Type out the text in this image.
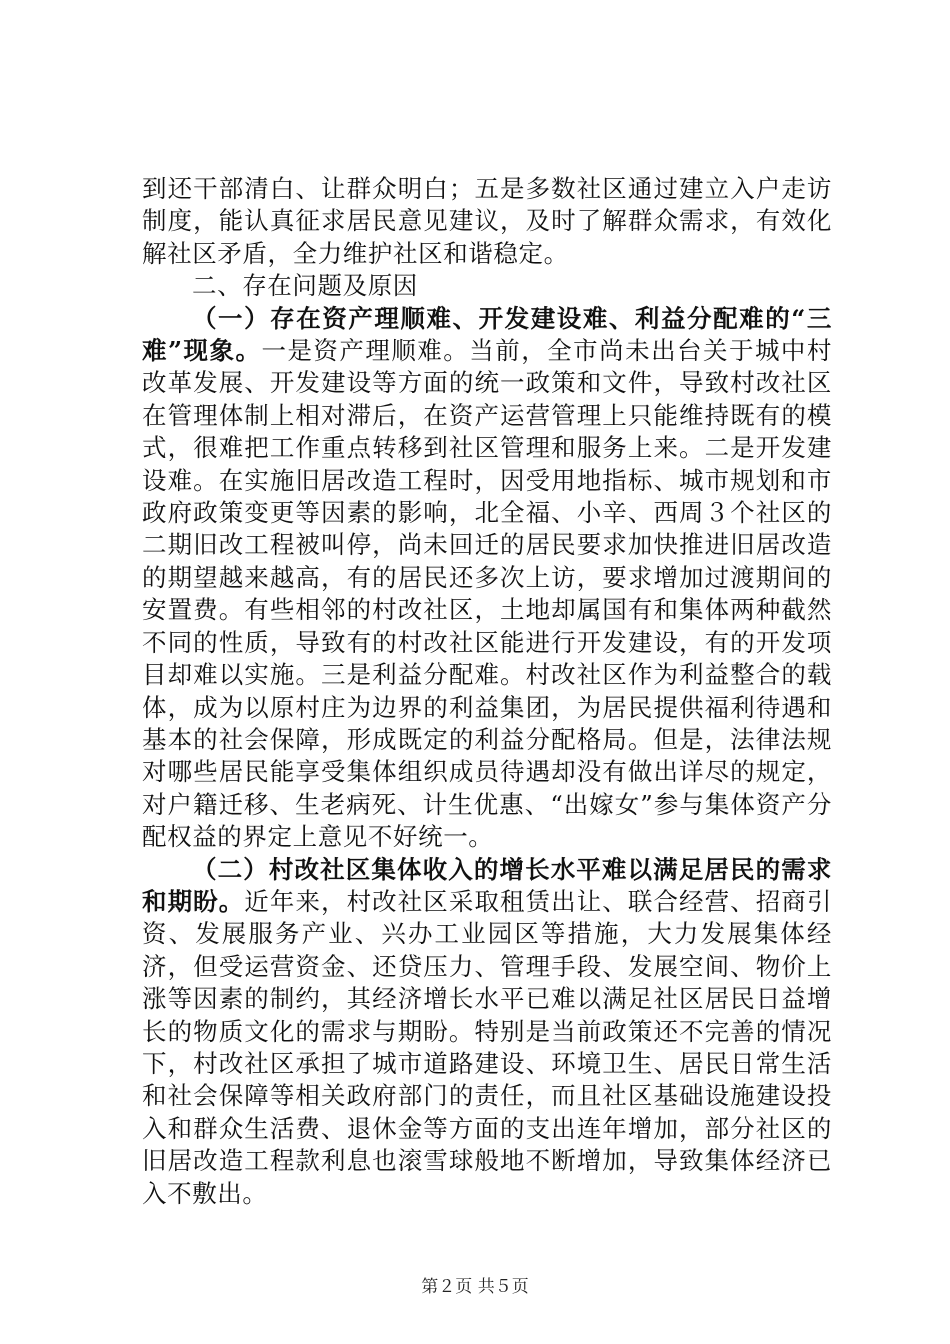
到还干部清白、让群众明白；五是多数社区通过建立入户走访制度，能认真征求居民意见建议，及时了解群众需求，有效化解社区矛盾，全力维护社区和谐稳定。

二、存在问题及原因

（一）存在资产理顺难、开发建设难、利益分配难的“三难”现象。一是资产理顺难。当前，全市尚未出台关于城中村改革发展、开发建设等方面的统一政策和文件，导致村改社区在管理体制上相对滞后，在资产运营管理上只能维持既有的模式，很难把工作重点转移到社区管理和服务上来。二是开发建设难。在实施旧居改造工程时，因受用地指标、城市规划和市政府政策变更等因素的影响，北全福、小辛、西周３个社区的二期旧改工程被叫停，尚未回迁的居民要求加快推进旧居改造的期望越来越高，有的居民还多次上访，要求增加过渡期间的安置费。有些相邻的村改社区，土地却属国有和集体两种截然不同的性质，导致有的村改社区能进行开发建设，有的开发项目却难以实施。三是利益分配难。村改社区作为利益整合的载体，成为以原村庄为边界的利益集团，为居民提供福利待遇和基本的社会保障，形成既定的利益分配格局。但是，法律法规对哪些居民能享受集体组织成员待遇却没有做出详尽的规定，对户籍迁移、生老病死、计生优惠、“出嫁女”参与集体资产分配权益的界定上意见不好统一。

（二）村改社区集体收入的增长水平难以满足居民的需求和期盼。近年来，村改社区采取租赁出让、联合经营、招商引资、发展服务产业、兴办工业园区等措施，大力发展集体经济，但受运营资金、还贷压力、管理手段、发展空间、物价上涨等因素的制约，其经济增长水平已难以满足社区居民日益增长的物质文化的需求与期盼。特别是当前政策还不完善的情况下，村改社区承担了城市道路建设、环境卫生、居民日常生活和社会保障等相关政府部门的责任，而且社区基础设施建设投入和群众生活费、退休金等方面的支出连年增加，部分社区的旧居改造工程款利息也滚雪球般地不断增加，导致集体经济已入不敷出。

第２页 共５页
